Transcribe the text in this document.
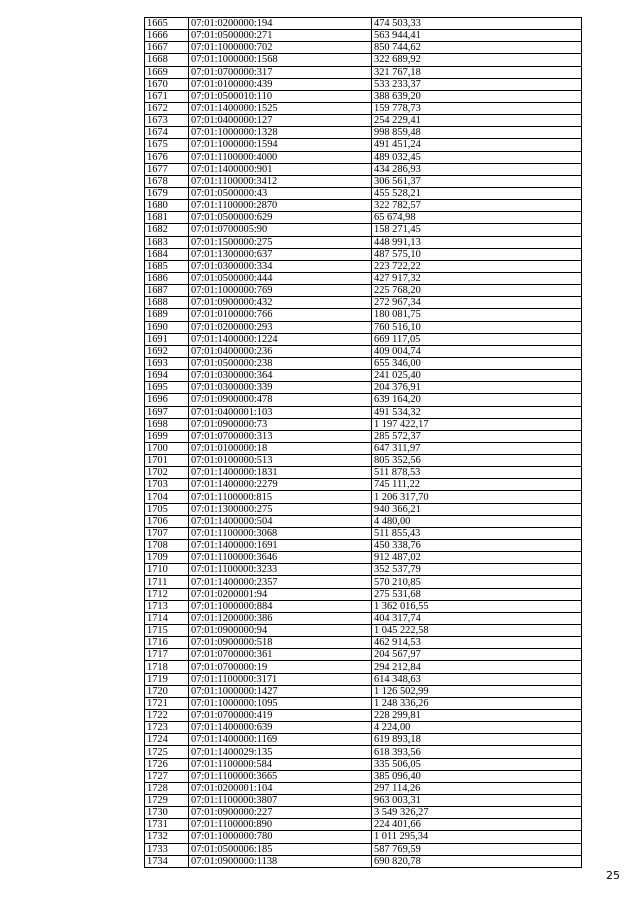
1665	07:01:0200000:194	474 503,33
1666	07:01:0500000:271	563 944,41
1667	07:01:1000000:702	850 744,62
1668	07:01:1000000:1568	322 689,92
1669	07:01:0700000:317	321 767,18
1670	07:01:0100000:439	533 233,37
1671	07:01:0500010:110	388 639,20
1672	07:01:1400000:1525	159 778,73
1673	07:01:0400000:127	254 229,41
1674	07:01:1000000:1328	998 859,48
1675	07:01:1000000:1594	491 451,24
1676	07:01:1100000:4000	489 032,45
1677	07:01:1400000:901	434 286,93
1678	07:01:1100000:3412	306 561,37
1679	07:01:0500000:43	455 528,21
1680	07:01:1100000:2870	322 782,57
1681	07:01:0500000:629	65 674,98
1682	07:01:0700005:90	158 271,45
1683	07:01:1500000:275	448 991,13
1684	07:01:1300000:637	487 575,10
1685	07:01:0300000:334	223 722,22
1686	07:01:0500000:444	427 917,32
1687	07:01:1000000:769	225 768,20
1688	07:01:0900000:432	272 967,34
1689	07:01:0100000:766	180 081,75
1690	07:01:0200000:293	760 516,10
1691	07:01:1400000:1224	669 117,05
1692	07:01:0400000:236	409 004,74
1693	07:01:0500000:238	655 346,00
1694	07:01:0300000:364	241 025,40
1695	07:01:0300000:339	204 376,91
1696	07:01:0900000:478	639 164,20
1697	07:01:0400001:103	491 534,32
1698	07:01:0900000:73	1 197 422,17
1699	07:01:0700000:313	285 572,37
1700	07:01:0100000:18	647 311,97
1701	07:01:0100000:513	805 352,56
1702	07:01:1400000:1831	511 878,53
1703	07:01:1400000:2279	745 111,22
1704	07:01:1100000:815	1 206 317,70
1705	07:01:1300000:275	940 366,21
1706	07:01:1400000:504	4 480,00
1707	07:01:1100000:3068	511 855,43
1708	07:01:1400000:1691	450 338,76
1709	07:01:1100000:3646	912 487,02
1710	07:01:1100000:3233	352 537,79
1711	07:01:1400000:2357	570 210,85
1712	07:01:0200001:94	275 531,68
1713	07:01:1000000:884	1 362 016,55
1714	07:01:1200000:386	404 317,74
1715	07:01:0900000:94	1 045 222,58
1716	07:01:0900000:518	462 914,53
1717	07:01:0700000:361	204 567,97
1718	07:01:0700000:19	294 212,84
1719	07:01:1100000:3171	614 348,63
1720	07:01:1000000:1427	1 126 502,99
1721	07:01:1000000:1095	1 248 336,26
1722	07:01:0700000:419	228 299,81
1723	07:01:1400000:639	4 224,00
1724	07:01:1400000:1169	619 893,18
1725	07:01:1400029:135	618 393,56
1726	07:01:1100000:584	335 506,05
1727	07:01:1100000:3665	385 096,40
1728	07:01:0200001:104	297 114,26
1729	07:01:1100000:3807	963 003,31
1730	07:01:0900000:227	3 549 326,27
1731	07:01:1100000:890	224 401,66
1732	07:01:1000000:780	1 011 295,34
1733	07:01:0500006:185	587 769,59
1734	07:01:0900000:1138	690 820,78
25
